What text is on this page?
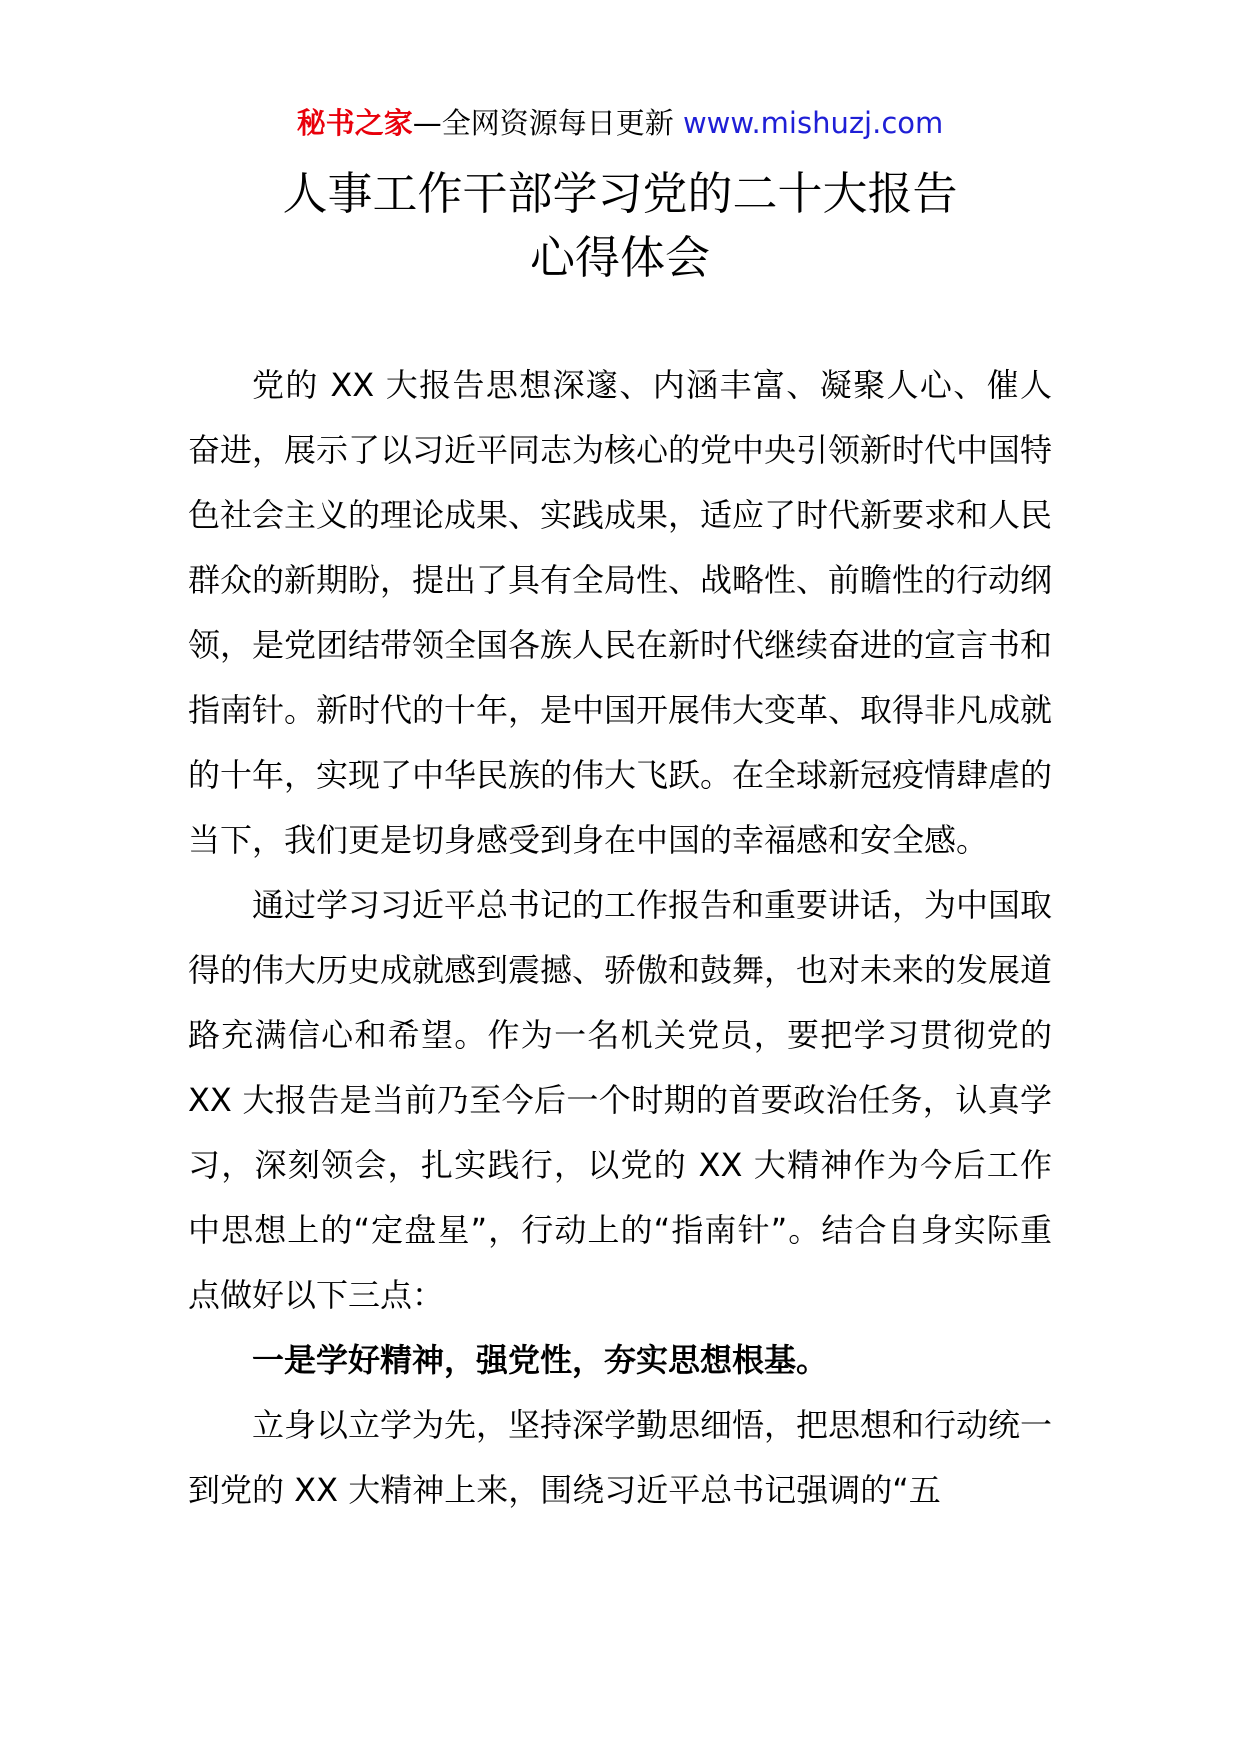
秘书之家—全网资源每日更新 www.mishuzj.com
人事工作干部学习党的二十大报告
心得体会

党的 XX 大报告思想深邃、内涵丰富、凝聚人心、催人奋进，展示了以习近平同志为核心的党中央引领新时代中国特色社会主义的理论成果、实践成果，适应了时代新要求和人民群众的新期盼，提出了具有全局性、战略性、前瞻性的行动纲领，是党团结带领全国各族人民在新时代继续奋进的宣言书和指南针。新时代的十年，是中国开展伟大变革、取得非凡成就的十年，实现了中华民族的伟大飞跃。在全球新冠疫情肆虐的当下，我们更是切身感受到身在中国的幸福感和安全感。

通过学习习近平总书记的工作报告和重要讲话，为中国取得的伟大历史成就感到震撼、骄傲和鼓舞，也对未来的发展道路充满信心和希望。作为一名机关党员，要把学习贯彻党的 XX 大报告是当前乃至今后一个时期的首要政治任务，认真学习，深刻领会，扎实践行，以党的 XX 大精神作为今后工作中思想上的“定盘星”，行动上的“指南针”。结合自身实际重点做好以下三点：

一是学好精神，强党性，夯实思想根基。

立身以立学为先，坚持深学勤思细悟，把思想和行动统一到党的 XX 大精神上来，围绕习近平总书记强调的“五
